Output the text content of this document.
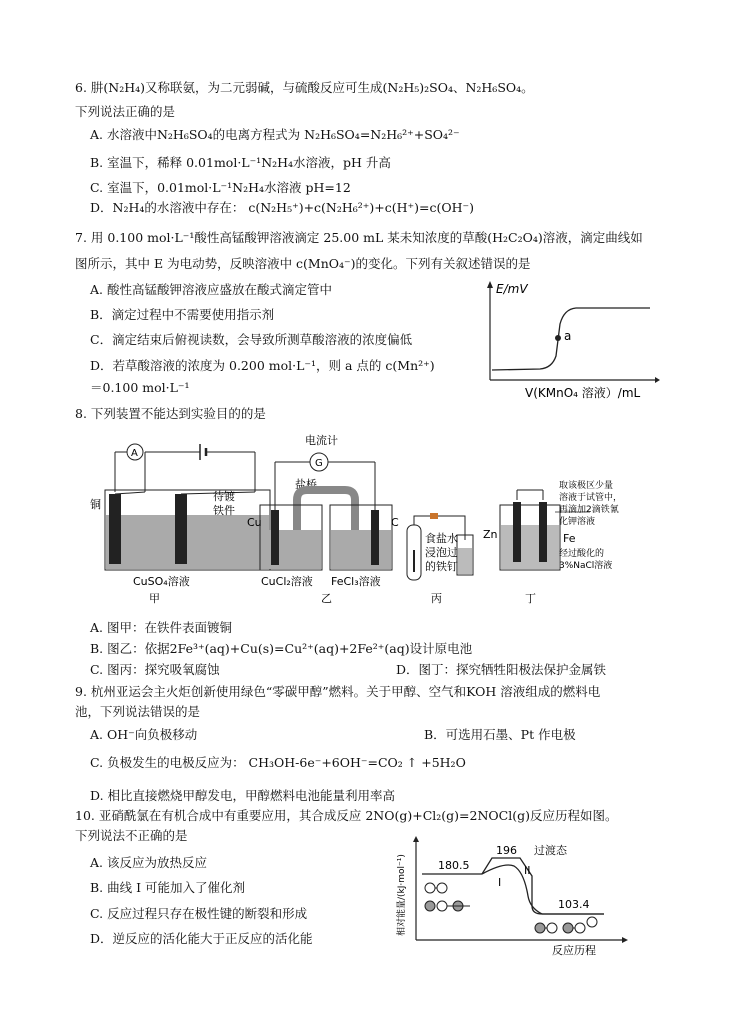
6. 肼(N₂H₄)又称联氨，为二元弱碱，与硫酸反应可生成(N₂H₅)₂SO₄、N₂H₆SO₄。
下列说法正确的是
A. 水溶液中N₂H₆SO₄的电离方程式为 N₂H₆SO₄=N₂H₆²⁺+SO₄²⁻
B. 室温下，稀释 0.01mol·L⁻¹N₂H₄水溶液，pH 升高
C. 室温下，0.01mol·L⁻¹N₂H₄水溶液 pH=12
D．N₂H₄的水溶液中存在： c(N₂H₅⁺)+c(N₂H₆²⁺)+c(H⁺)=c(OH⁻)
7. 用 0.100 mol·L⁻¹酸性高锰酸钾溶液滴定 25.00 mL 某未知浓度的草酸(H₂C₂O₄)溶液，滴定曲线如
图所示，其中 E 为电动势，反映溶液中 c(MnO₄⁻)的变化。下列有关叙述错误的是
A. 酸性高锰酸钾溶液应盛放在酸式滴定管中
B．滴定过程中不需要使用指示剂
C．滴定结束后俯视读数，会导致所测草酸溶液的浓度偏低
D．若草酸溶液的浓度为 0.200 mol·L⁻¹，则 a 点的 c(Mn²⁺)
＝0.100 mol·L⁻¹
a
E/mV
V(KMnO₄ 溶液）/mL
8. 下列装置不能达到实验目的的是
A
铜
待镀
铁件
CuSO₄溶液
甲
电流计
G
盐桥
Cu	C
CuCl₂溶液 FeCl₃溶液
乙
食盐水
浸泡过
的铁钉
丙
Zn	Fe
取该极区少量
溶液于试管中，
再滴加2滴铁氰
化钾溶液
经过酸化的
3%NaCl溶液
丁
A. 图甲：在铁件表面镀铜
B. 图乙：依据2Fe³⁺(aq)+Cu(s)=Cu²⁺(aq)+2Fe²⁺(aq)设计原电池
C. 图丙：探究吸氧腐蚀	D．图丁：探究牺牲阳极法保护金属铁
9. 杭州亚运会主火炬创新使用绿色“零碳甲醇”燃料。关于甲醇、空气和KOH 溶液组成的燃料电
池，下列说法错误的是
A. OH⁻向负极移动	B．可选用石墨、Pt 作电极
C. 负极发生的电极反应为： CH₃OH-6e⁻+6OH⁻=CO₂ ↑ +5H₂O
D. 相比直接燃烧甲醇发电，甲醇燃料电池能量利用率高
10. 亚硝酰氯在有机合成中有重要应用，其合成反应 2NO(g)+Cl₂(g)=2NOCl(g)反应历程如图。
下列说法不正确的是
A. 该反应为放热反应
B. 曲线 I 可能加入了催化剂
C. 反应过程只存在极性键的断裂和形成
D．逆反应的活化能大于正反应的活化能
相对能量/(kJ·mol⁻¹)
反应历程
180.5
196 过渡态
I
II
103.4
